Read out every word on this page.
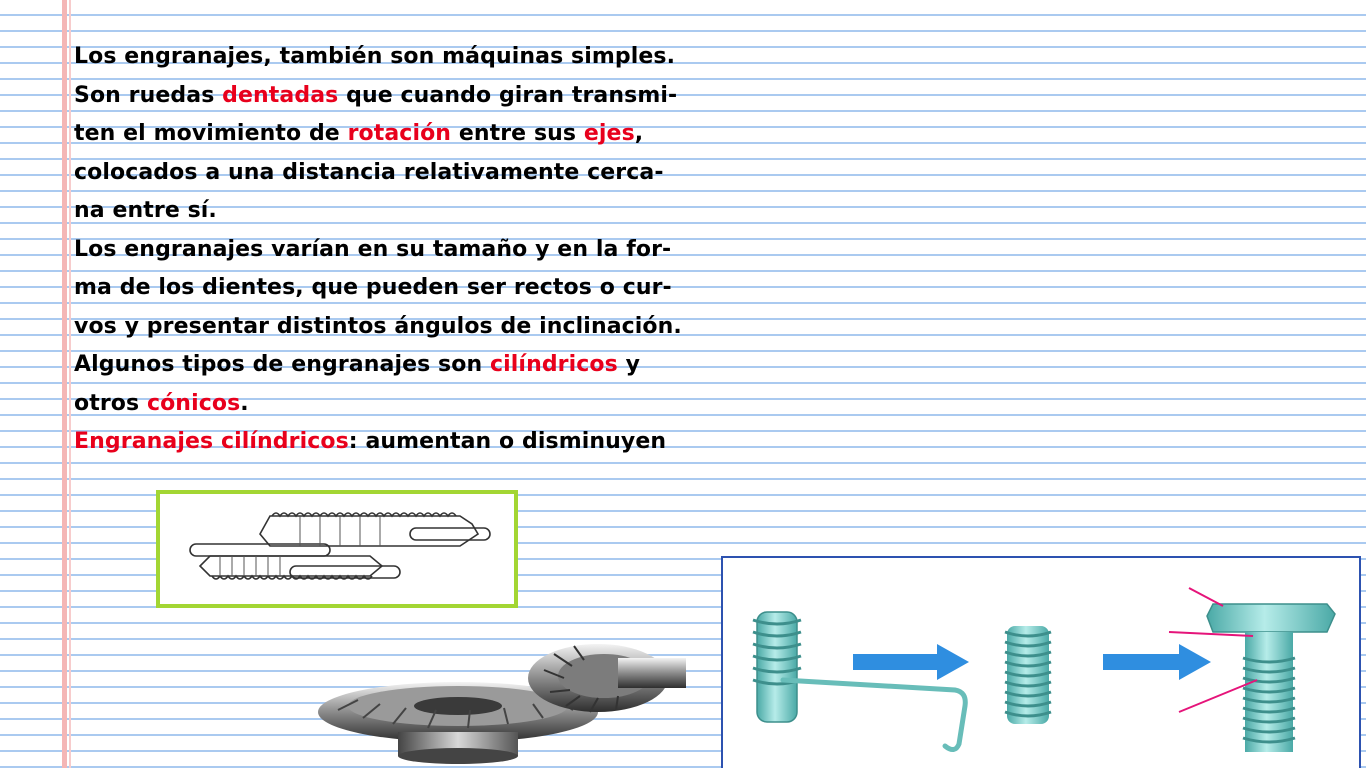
Los engranajes, también son máquinas simples.
Son ruedas dentadas que cuando giran transmi-
ten el movimiento de rotación entre sus ejes,
colocados a una distancia relativamente cerca-
na entre sí.
Los engranajes varían en su tamaño y en la for-
ma de los dientes, que pueden ser rectos o cur-
vos y presentar distintos ángulos de inclinación.
Algunos tipos de engranajes son cilíndricos y
otros cónicos.
Engranajes cilíndricos: aumentan o disminuyen
